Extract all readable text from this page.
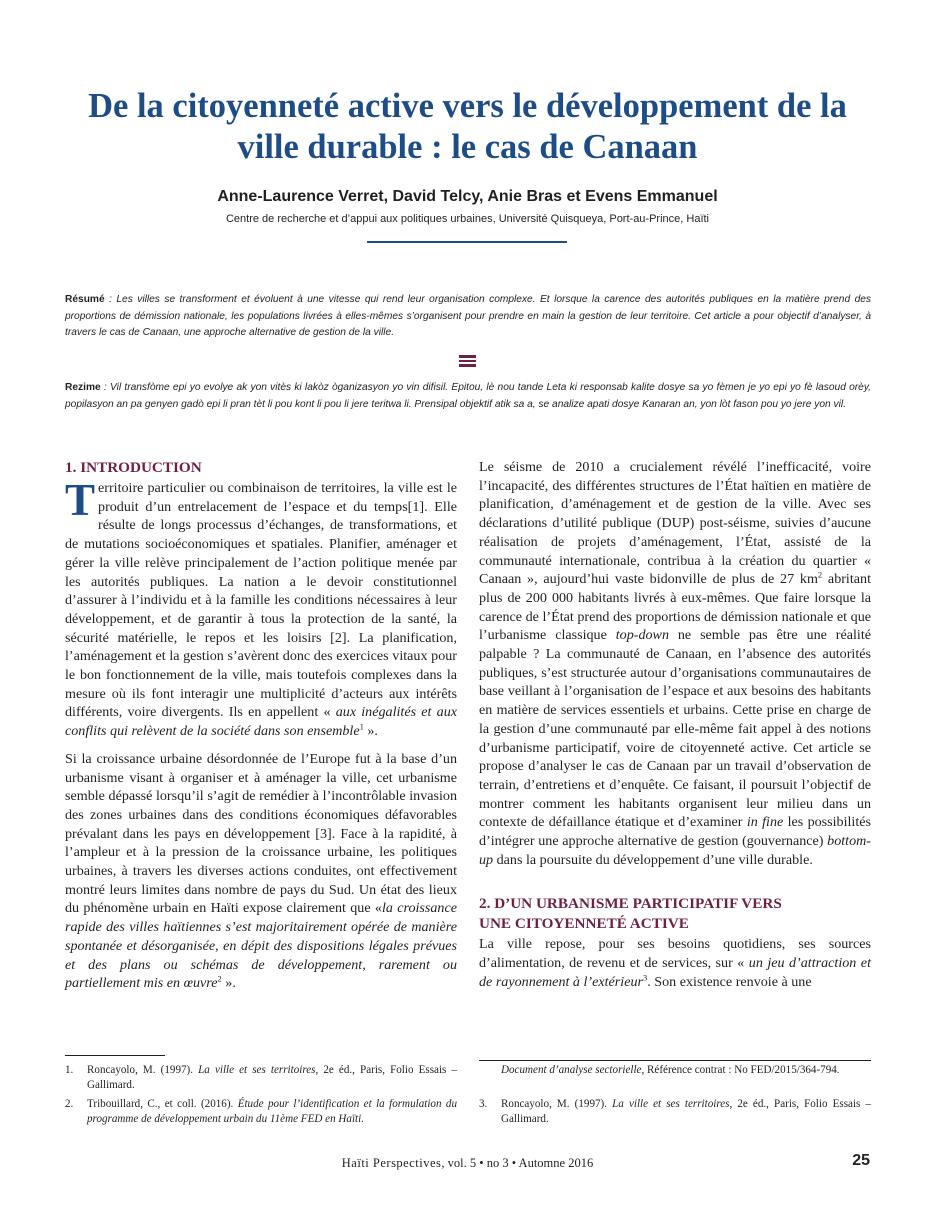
De la citoyenneté active vers le développement de la ville durable : le cas de Canaan
Anne-Laurence Verret, David Telcy, Anie Bras et Evens Emmanuel
Centre de recherche et d’appui aux politiques urbaines, Université Quisqueya, Port-au-Prince, Haïti

Résumé : Les villes se transforment et évoluent à une vitesse qui rend leur organisation complexe. Et lorsque la carence des autorités publiques en la matière prend des proportions de démission nationale, les populations livrées à elles-mêmes s’organisent pour prendre en main la gestion de leur territoire. Cet article a pour objectif d’analyser, à travers le cas de Canaan, une approche alternative de gestion de la ville.

Rezime : Vil transfòme epi yo evolye ak yon vitès ki lakòz òganizasyon yo vin difisil. Epitou, lè nou tande Leta ki responsab kalite dosye sa yo fèmen je yo epi yo fè lasoud orèy, popilasyon an pa genyen gadò epi li pran tèt li pou kont li pou li jere teritwa li. Prensipal objektif atik sa a, se analize apati dosye Kanaran an, yon lòt fason pou yo jere yon vil.

1. INTRODUCTION

Territoire particulier ou combinaison de territoires, la ville est le produit d’un entrelacement de l’espace et du temps[1]. Elle résulte de longs processus d’échanges, de transformations, et de mutations socioéconomiques et spatiales. Planifier, aménager et gérer la ville relève principalement de l’action politique menée par les autorités publiques. La nation a le devoir constitutionnel d’assurer à l’individu et à la famille les conditions nécessaires à leur développement, et de garantir à tous la protection de la santé, la sécurité matérielle, le repos et les loisirs [2]. La planification, l’aménagement et la gestion s’avèrent donc des exercices vitaux pour le bon fonctionnement de la ville, mais toutefois complexes dans la mesure où ils font interagir une multiplicité d’acteurs aux intérêts différents, voire divergents. Ils en appellent « aux inégalités et aux conflits qui relèvent de la société dans son ensemble$^1$ ».

Si la croissance urbaine désordonnée de l’Europe fut à la base d’un urbanisme visant à organiser et à aménager la ville, cet urbanisme semble dépassé lorsqu’il s’agit de remédier à l’incontrôlable invasion des zones urbaines dans des conditions économiques défavorables prévalant dans les pays en développement [3]. Face à la rapidité, à l’ampleur et à la pression de la croissance urbaine, les politiques urbaines, à travers les diverses actions conduites, ont effectivement montré leurs limites dans nombre de pays du Sud. Un état des lieux du phénomène urbain en Haïti expose clairement que «la croissance rapide des villes haïtiennes s’est majoritairement opérée de manière spontanée et désorganisée, en dépit des dispositions légales prévues et des plans ou schémas de développement, rarement ou partiellement mis en œuvre$^2$ ».

Le séisme de 2010 a crucialement révélé l’inefficacité, voire l’incapacité, des différentes structures de l’État haïtien en matière de planification, d’aménagement et de gestion de la ville. Avec ses déclarations d’utilité publique (DUP) post-séisme, suivies d’aucune réalisation de projets d’aménagement, l’État, assisté de la communauté internationale, contribua à la création du quartier « Canaan », aujourd’hui vaste bidonville de plus de 27 $km^2$ abritant plus de 200 000 habitants livrés à eux-mêmes. Que faire lorsque la carence de l’État prend des proportions de démission nationale et que l’urbanisme classique top-down ne semble pas être une réalité palpable ? La communauté de Canaan, en l’absence des autorités publiques, s’est structurée autour d’organisations communautaires de base veillant à l’organisation de l’espace et aux besoins des habitants en matière de services essentiels et urbains. Cette prise en charge de la gestion d’une communauté par elle-même fait appel à des notions d’urbanisme participatif, voire de citoyenneté active. Cet article se propose d’analyser le cas de Canaan par un travail d’observation de terrain, d’entretiens et d’enquête. Ce faisant, il poursuit l’objectif de montrer comment les habitants organisent leur milieu dans un contexte de défaillance étatique et d’examiner in fine les possibilités d’intégrer une approche alternative de gestion (gouvernance) bottom-up dans la poursuite du développement d’une ville durable.

2. D’UN URBANISME PARTICIPATIF VERS
UNE CITOYENNETÉ ACTIVE

La ville repose, pour ses besoins quotidiens, ses sources d’alimentation, de revenu et de services, sur « un jeu d’attraction et de rayonnement à l’extérieur$^3$. Son existence renvoie à une

1.	Roncayolo, M. (1997). La ville et ses territoires, 2e éd., Paris, Folio Essais – Gallimard.
2.	Tribouillard, C., et coll. (2016). Étude pour l’identification et la formulation du programme de développement urbain du 11ème FED en Haïti.
Document d’analyse sectorielle, Référence contrat : No FED/2015/364-794.
3.	Roncayolo, M. (1997). La ville et ses territoires, 2e éd., Paris, Folio Essais – Gallimard.
Haïti Perspectives, vol. 5 • no 3 • Automne 2016	25
